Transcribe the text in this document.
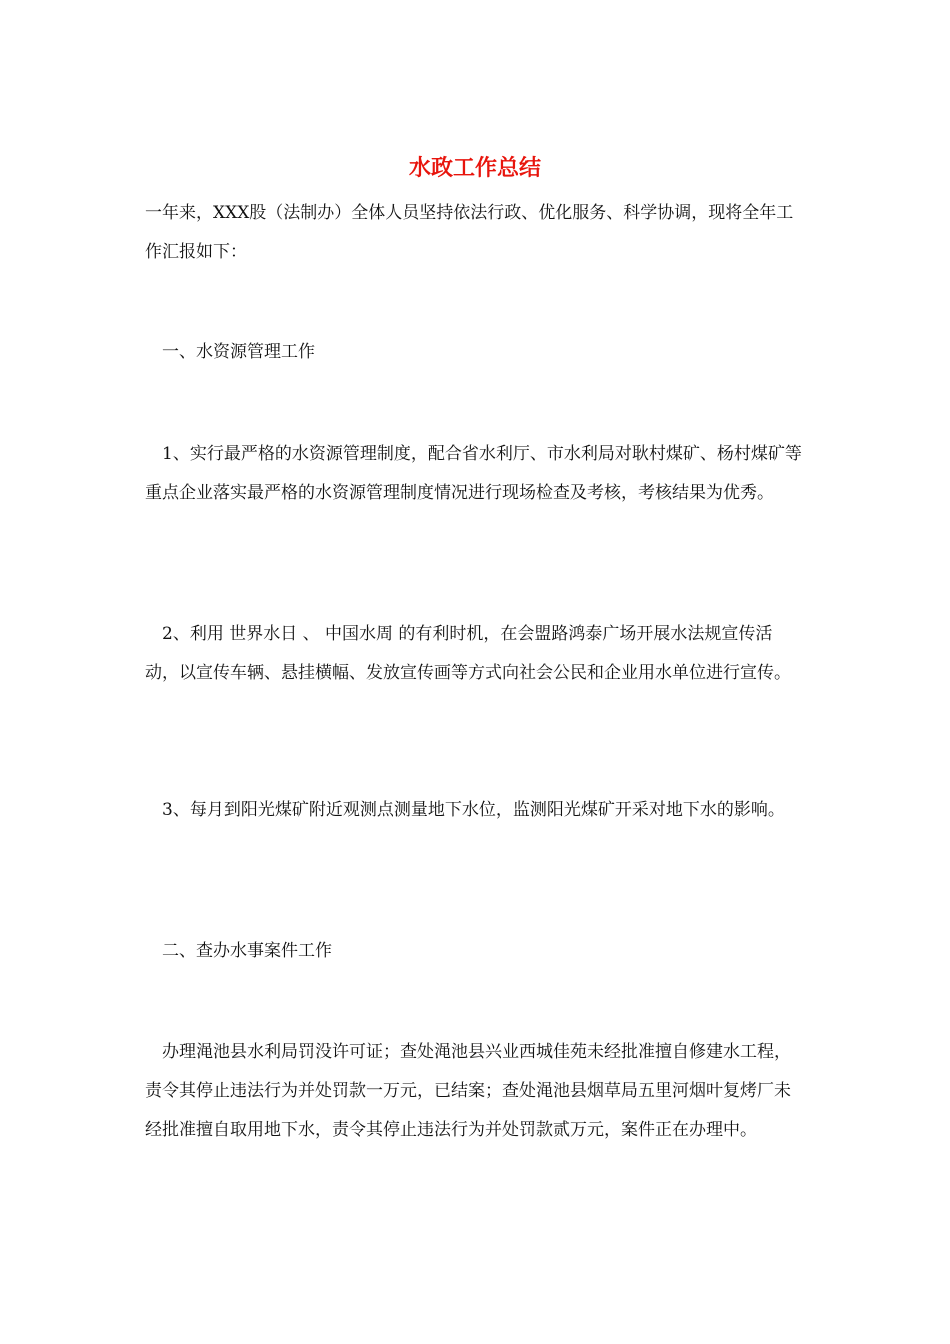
水政工作总结

一年来，XXX股（法制办）全体人员坚持依法行政、优化服务、科学协调，现将全年工作汇报如下：

　一、水资源管理工作

　1、实行最严格的水资源管理制度，配合省水利厅、市水利局对耿村煤矿、杨村煤矿等重点企业落实最严格的水资源管理制度情况进行现场检查及考核，考核结果为优秀。

　2、利用 世界水日 、 中国水周 的有利时机，在会盟路鸿泰广场开展水法规宣传活动，以宣传车辆、悬挂横幅、发放宣传画等方式向社会公民和企业用水单位进行宣传。

　3、每月到阳光煤矿附近观测点测量地下水位，监测阳光煤矿开采对地下水的影响。

　二、查办水事案件工作

　办理渑池县水利局罚没许可证；查处渑池县兴业西城佳苑未经批准擅自修建水工程，责令其停止违法行为并处罚款一万元，已结案；查处渑池县烟草局五里河烟叶复烤厂未经批准擅自取用地下水，责令其停止违法行为并处罚款贰万元，案件正在办理中。
